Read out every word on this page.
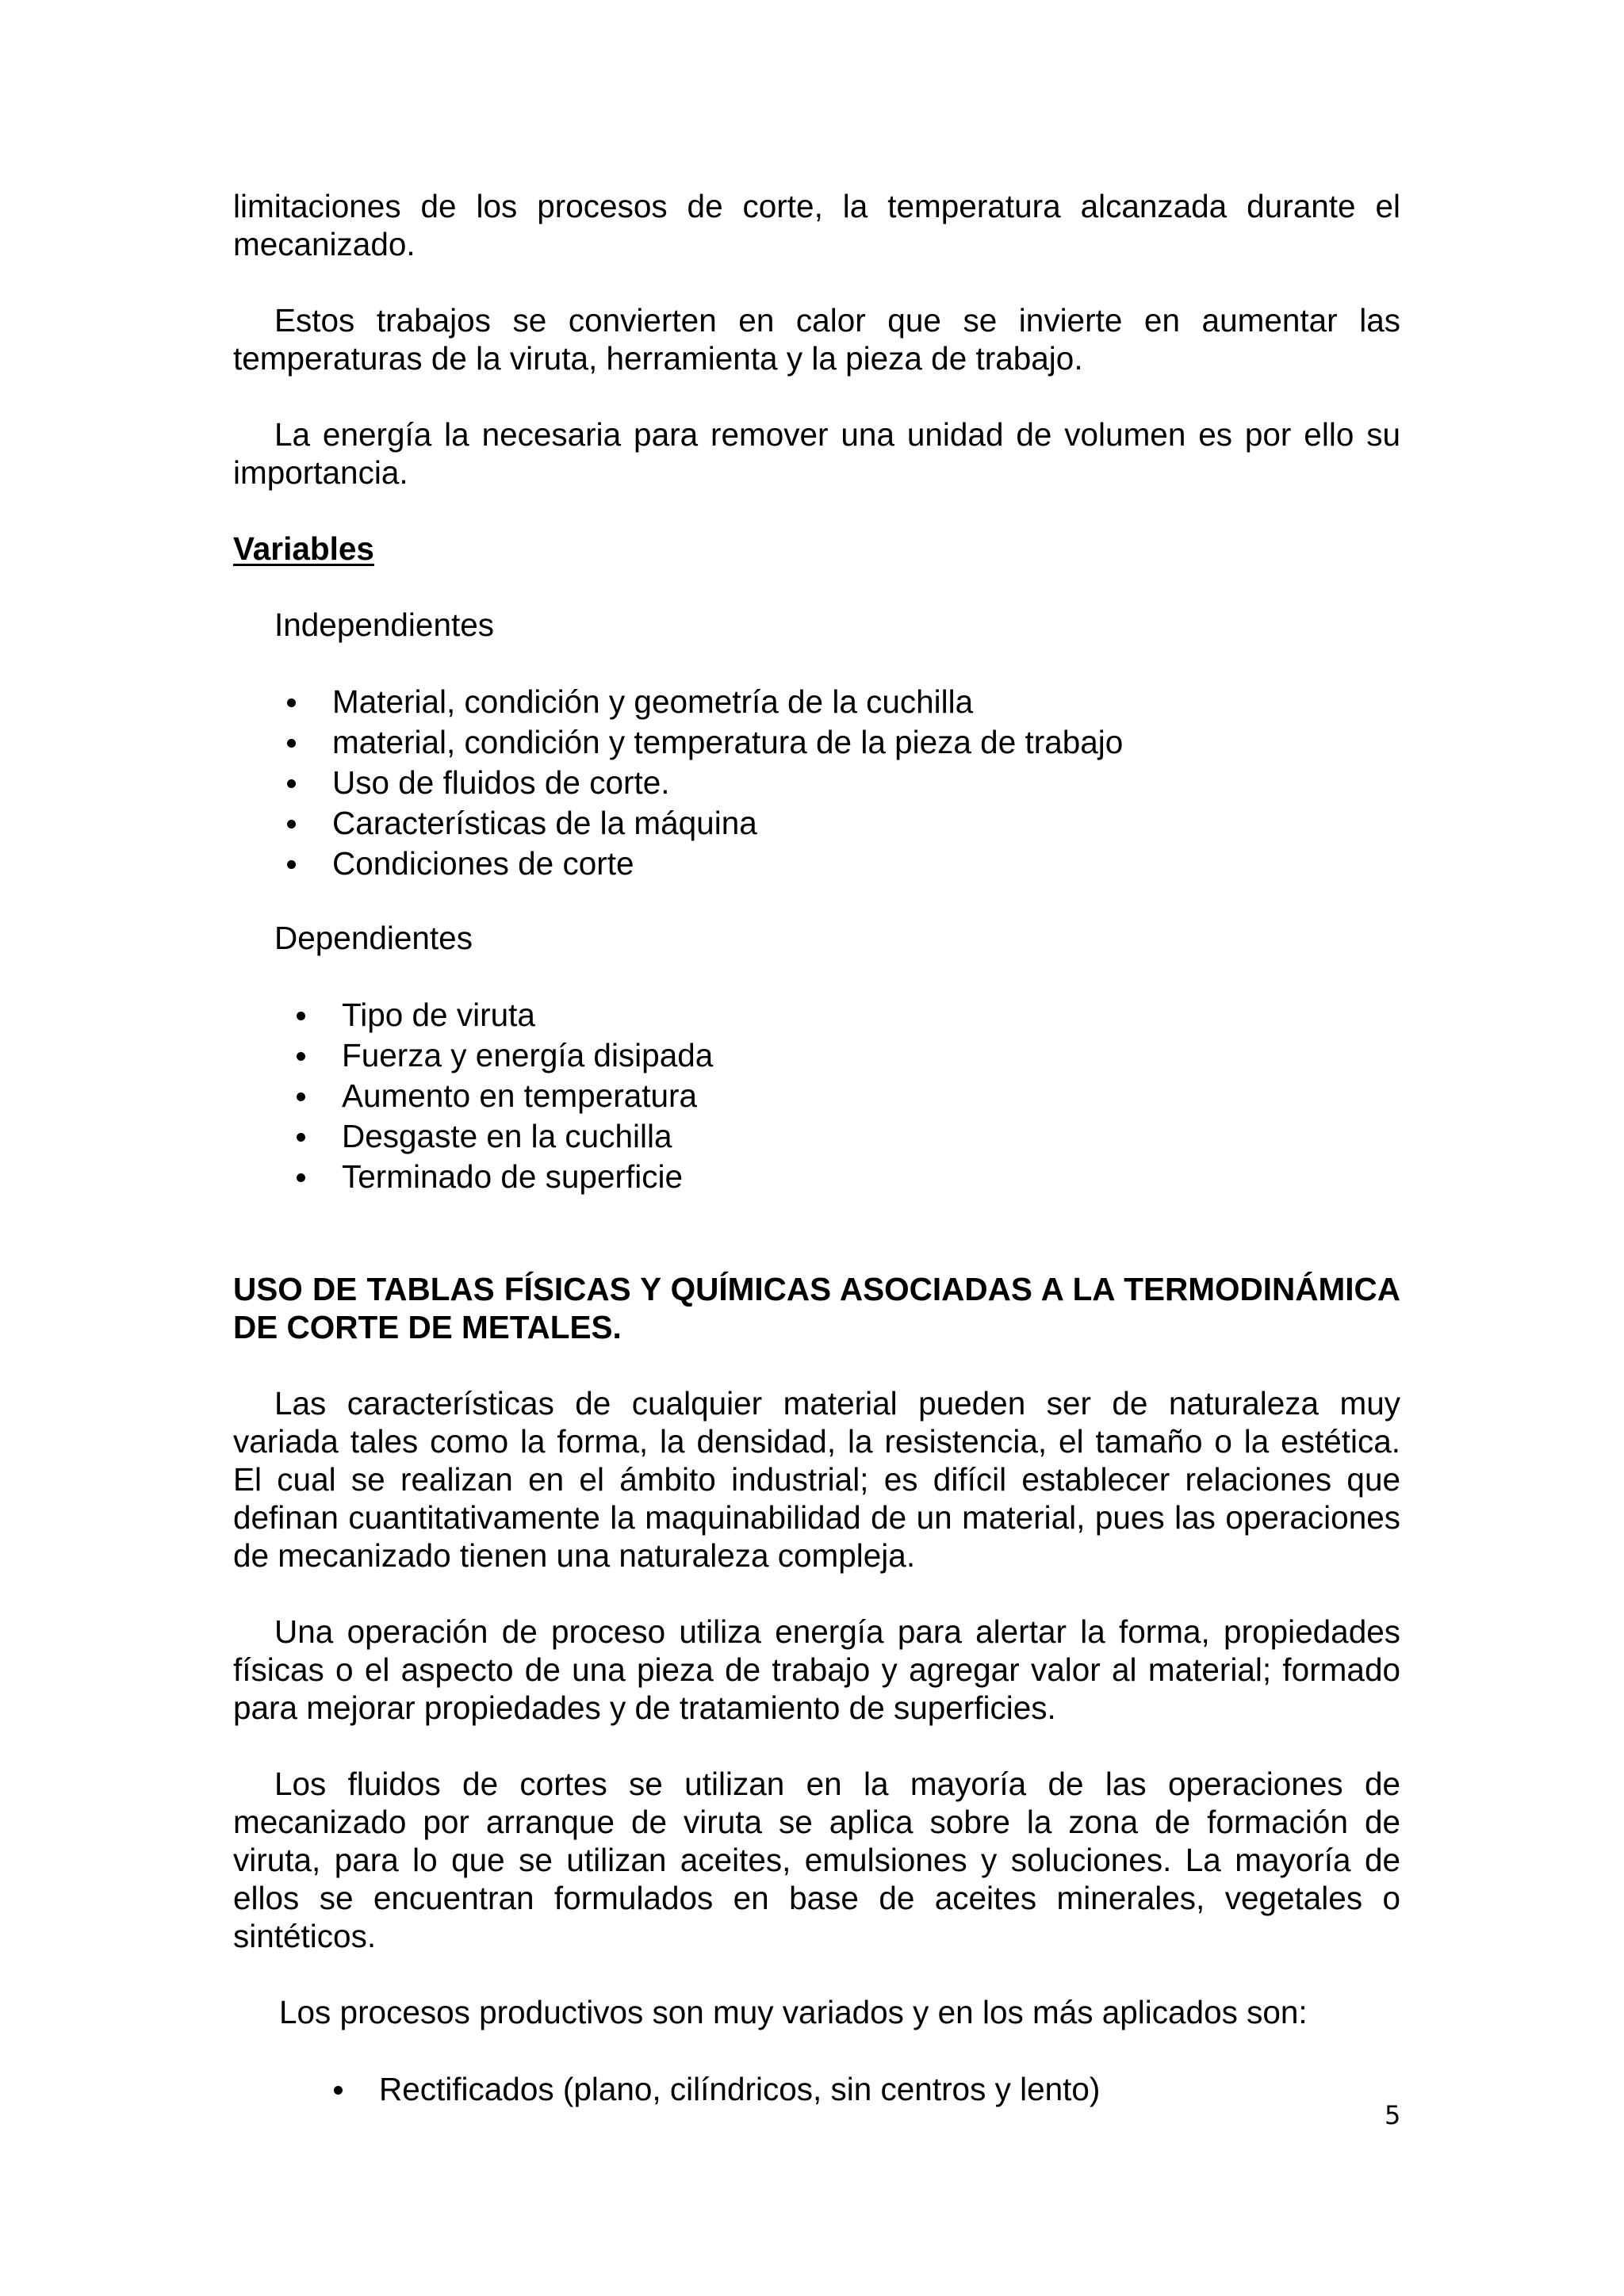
limitaciones de los procesos de corte, la temperatura alcanzada durante el mecanizado.

Estos trabajos se convierten en calor que se invierte en aumentar las temperaturas de la viruta, herramienta y la pieza de trabajo.

La energía la necesaria para remover una unidad de volumen es por ello su importancia.

Variables

Independientes

Material, condición y geometría de la cuchilla
material, condición y temperatura de la pieza de trabajo
Uso de fluidos de corte.
Características de la máquina
Condiciones de corte

Dependientes

Tipo de viruta
Fuerza y energía disipada
Aumento en temperatura
Desgaste en la cuchilla
Terminado de superficie

USO DE TABLAS FÍSICAS Y QUÍMICAS ASOCIADAS A LA TERMODINÁMICA DE CORTE DE METALES.

Las características de cualquier material pueden ser de naturaleza muy variada tales como la forma, la densidad, la resistencia, el tamaño o la estética. El cual se realizan en el ámbito industrial; es difícil establecer relaciones que definan cuantitativamente la maquinabilidad de un material, pues las operaciones de mecanizado tienen una naturaleza compleja.

Una operación de proceso utiliza energía para alertar la forma, propiedades físicas o el aspecto de una pieza de trabajo y agregar valor al material; formado para mejorar propiedades y de tratamiento de superficies.

Los fluidos de cortes se utilizan en la mayoría de las operaciones de mecanizado por arranque de viruta se aplica sobre la zona de formación de viruta, para lo que se utilizan aceites, emulsiones y soluciones. La mayoría de ellos se encuentran formulados en base de aceites minerales, vegetales o sintéticos.

Los procesos productivos son muy variados y en los más aplicados son:

Rectificados (plano, cilíndricos, sin centros y lento)
5
